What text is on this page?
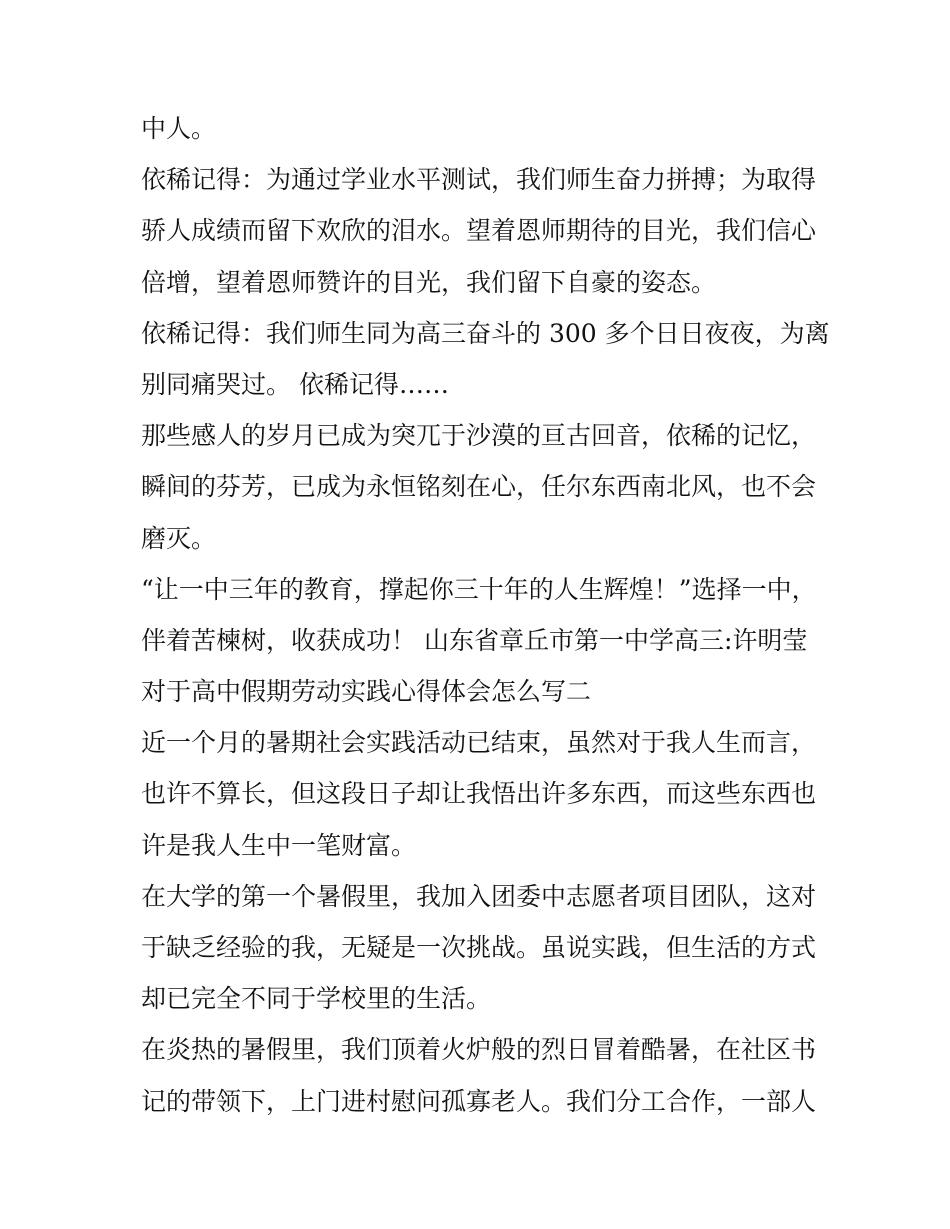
中人。
依稀记得：为通过学业水平测试，我们师生奋力拼搏；为取得
骄人成绩而留下欢欣的泪水。望着恩师期待的目光，我们信心
倍增，望着恩师赞许的目光，我们留下自豪的姿态。
依稀记得：我们师生同为高三奋斗的 300 多个日日夜夜，为离
别同痛哭过。 依稀记得……
那些感人的岁月已成为突兀于沙漠的亘古回音，依稀的记忆，
瞬间的芬芳，已成为永恒铭刻在心，任尔东西南北风，也不会
磨灭。
“让一中三年的教育，撑起你三十年的人生辉煌！”选择一中，
伴着苦楝树，收获成功！ 山东省章丘市第一中学高三:许明莹
对于高中假期劳动实践心得体会怎么写二
近一个月的暑期社会实践活动已结束，虽然对于我人生而言，
也许不算长，但这段日子却让我悟出许多东西，而这些东西也
许是我人生中一笔财富。
在大学的第一个暑假里，我加入团委中志愿者项目团队，这对
于缺乏经验的我，无疑是一次挑战。虽说实践，但生活的方式
却已完全不同于学校里的生活。
在炎热的暑假里，我们顶着火炉般的烈日冒着酷暑，在社区书
记的带领下，上门进村慰问孤寡老人。我们分工合作，一部人
